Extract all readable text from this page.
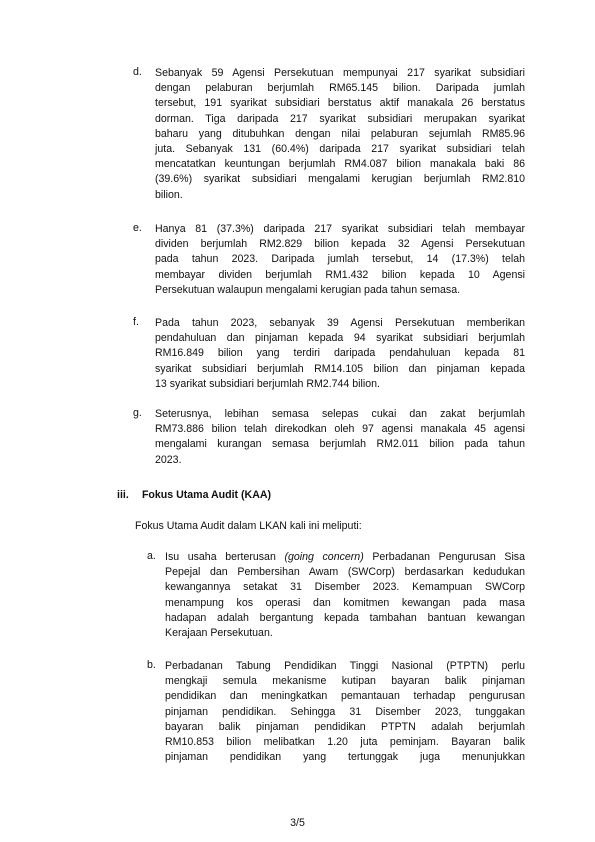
d.	Sebanyak 59 Agensi Persekutuan mempunyai 217 syarikat subsidiari
dengan pelaburan berjumlah RM65.145 bilion. Daripada jumlah
tersebut, 191 syarikat subsidiari berstatus aktif manakala 26 berstatus
dorman. Tiga daripada 217 syarikat subsidiari merupakan syarikat
baharu yang ditubuhkan dengan nilai pelaburan sejumlah RM85.96
juta. Sebanyak 131 (60.4%) daripada 217 syarikat subsidiari telah
mencatatkan keuntungan berjumlah RM4.087 bilion manakala baki 86
(39.6%) syarikat subsidiari mengalami kerugian berjumlah RM2.810
bilion.
e.	Hanya 81 (37.3%) daripada 217 syarikat subsidiari telah membayar
dividen berjumlah RM2.829 bilion kepada 32 Agensi Persekutuan
pada tahun 2023. Daripada jumlah tersebut, 14 (17.3%) telah
membayar dividen berjumlah RM1.432 bilion kepada 10 Agensi
Persekutuan walaupun mengalami kerugian pada tahun semasa.
f.	Pada tahun 2023, sebanyak 39 Agensi Persekutuan memberikan
pendahuluan dan pinjaman kepada 94 syarikat subsidiari berjumlah
RM16.849 bilion yang terdiri daripada pendahuluan kepada 81
syarikat subsidiari berjumlah RM14.105 bilion dan pinjaman kepada
13 syarikat subsidiari berjumlah RM2.744 bilion.
g.	Seterusnya, lebihan semasa selepas cukai dan zakat berjumlah
RM73.886 bilion telah direkodkan oleh 97 agensi manakala 45 agensi
mengalami kurangan semasa berjumlah RM2.011 bilion pada tahun
2023.
iii. Fokus Utama Audit (KAA)
Fokus Utama Audit dalam LKAN kali ini meliputi:
a. Isu usaha berterusan (going concern) Perbadanan Pengurusan Sisa
Pepejal dan Pembersihan Awam (SWCorp) berdasarkan kedudukan
kewangannya setakat 31 Disember 2023. Kemampuan SWCorp
menampung kos operasi dan komitmen kewangan pada masa
hadapan adalah bergantung kepada tambahan bantuan kewangan
Kerajaan Persekutuan.
b. Perbadanan Tabung Pendidikan Tinggi Nasional (PTPTN) perlu
mengkaji semula mekanisme kutipan bayaran balik pinjaman
pendidikan dan meningkatkan pemantauan terhadap pengurusan
pinjaman pendidikan. Sehingga 31 Disember 2023, tunggakan
bayaran balik pinjaman pendidikan PTPTN adalah berjumlah
RM10.853 bilion melibatkan 1.20 juta peminjam. Bayaran balik
pinjaman pendidikan yang tertunggak juga menunjukkan
3/5
